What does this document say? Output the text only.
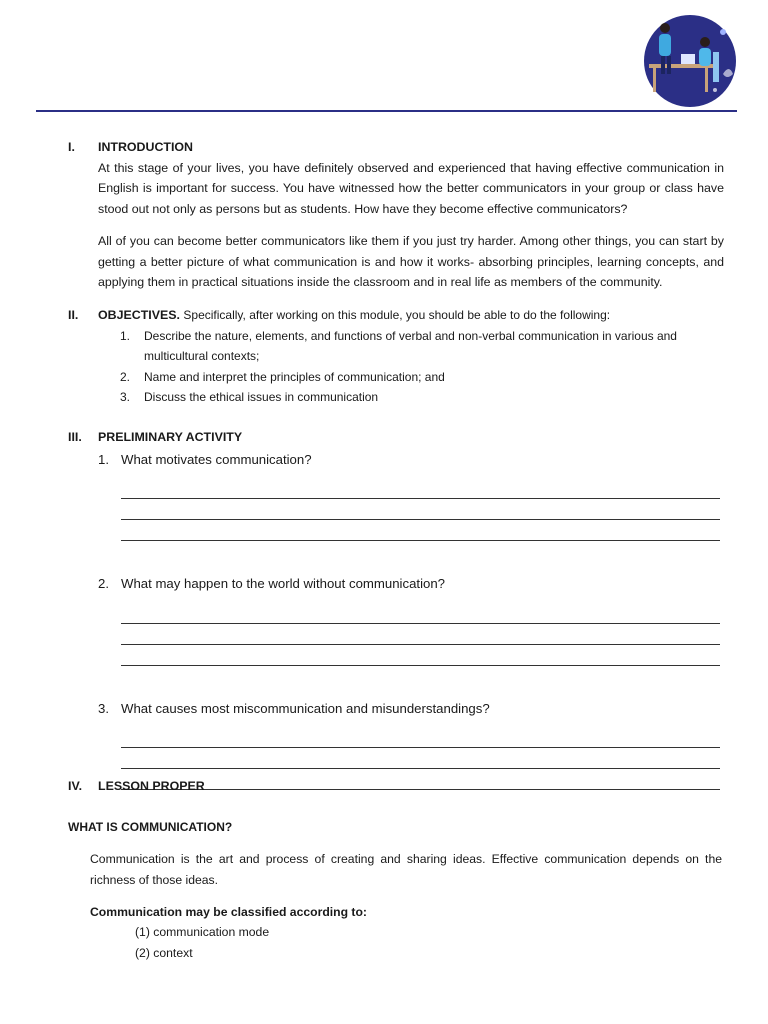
I. INTRODUCTION

At this stage of your lives, you have definitely observed and experienced that having effective communication in English is important for success. You have witnessed how the better communicators in your group or class have stood out not only as persons but as students. How have they become effective communicators?

All of you can become better communicators like them if you just try harder. Among other things, you can start by getting a better picture of what communication is and how it works- absorbing principles, learning concepts, and applying them in practical situations inside the classroom and in real life as members of the community.

II. OBJECTIVES. Specifically, after working on this module, you should be able to do the following:
1. Describe the nature, elements, and functions of verbal and non-verbal communication in various and multicultural contexts;
2. Name and interpret the principles of communication; and
3. Discuss the ethical issues in communication
III. PRELIMINARY ACTIVITY
1. What motivates communication?
2. What may happen to the world without communication?
3. What causes most miscommunication and misunderstandings?
IV. LESSON PROPER
WHAT IS COMMUNICATION?

Communication is the art and process of creating and sharing ideas. Effective communication depends on the richness of those ideas.

Communication may be classified according to:
(1) communication mode
(2) context
